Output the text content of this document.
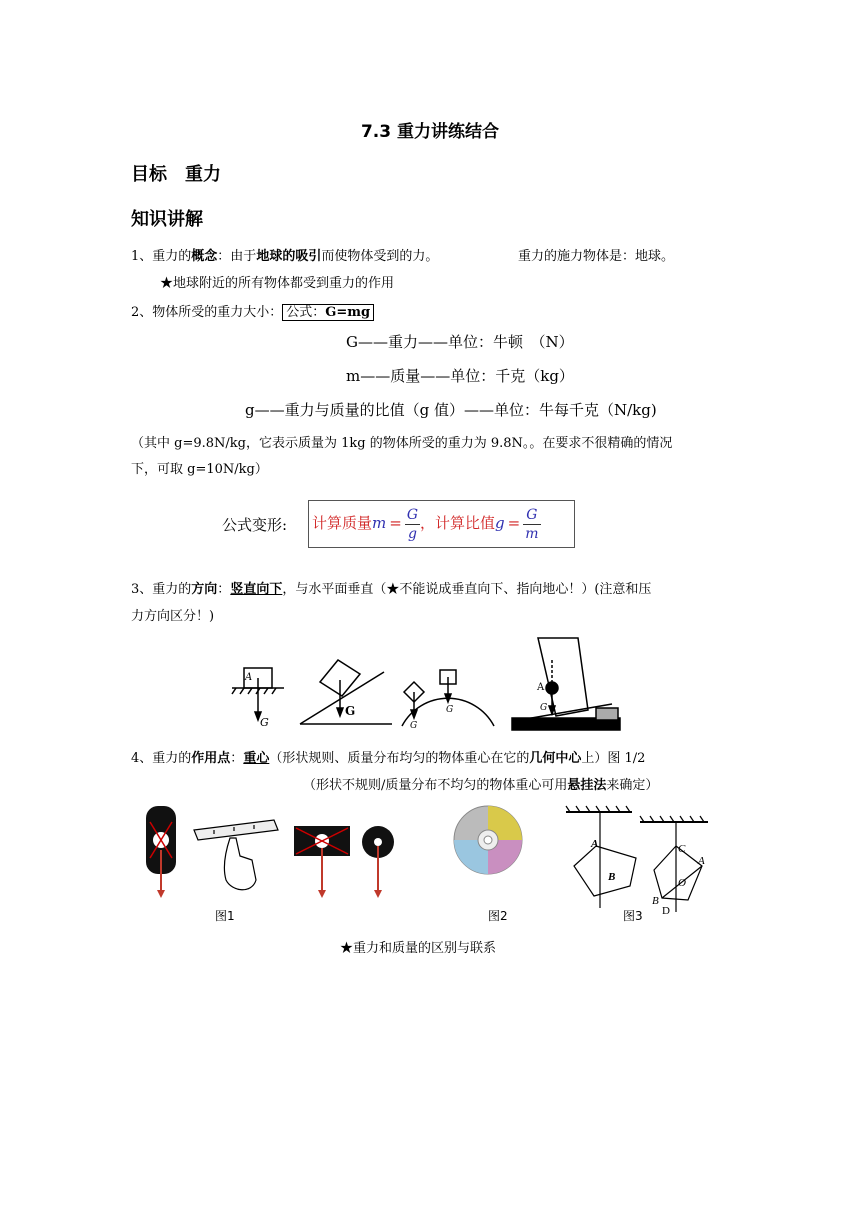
7.3 重力讲练结合
目标　重力
知识讲解
1、重力的概念：由于地球的吸引而使物体受到的力。	重力的施力物体是：地球。
★地球附近的所有物体都受到重力的作用
2、物体所受的重力大小： 公式：G=mg
G——重力——单位：牛顿　（N）
m——质量——单位：千克（kg）
g——重力与质量的比值（g 值）——单位：牛每千克（N/kg)
（其中 g=9.8N/kg，它表示质量为 1kg 的物体所受的重力为 9.8N。。在要求不很精确的情况
下，可取 g=10N/kg）
公式变形: 计算质量$m = \frac{G}{g}$ ，计算比值$g = \frac{G}{m}$
3、重力的方向：竖直向下，与水平面垂直（★不能说成垂直向下、指向地心！）(注意和压
力方向区分！)
A
G
G	G
G
A
G
4、重力的作用点：重心（形状规则、质量分布均匀的物体重心在它的几何中心上）图 1/2
（形状不规则/质量分布不均匀的物体重心可用悬挂法来确定）
A
B
C
A
O
B
D
图1	图2	图3
★重力和质量的区别与联系
